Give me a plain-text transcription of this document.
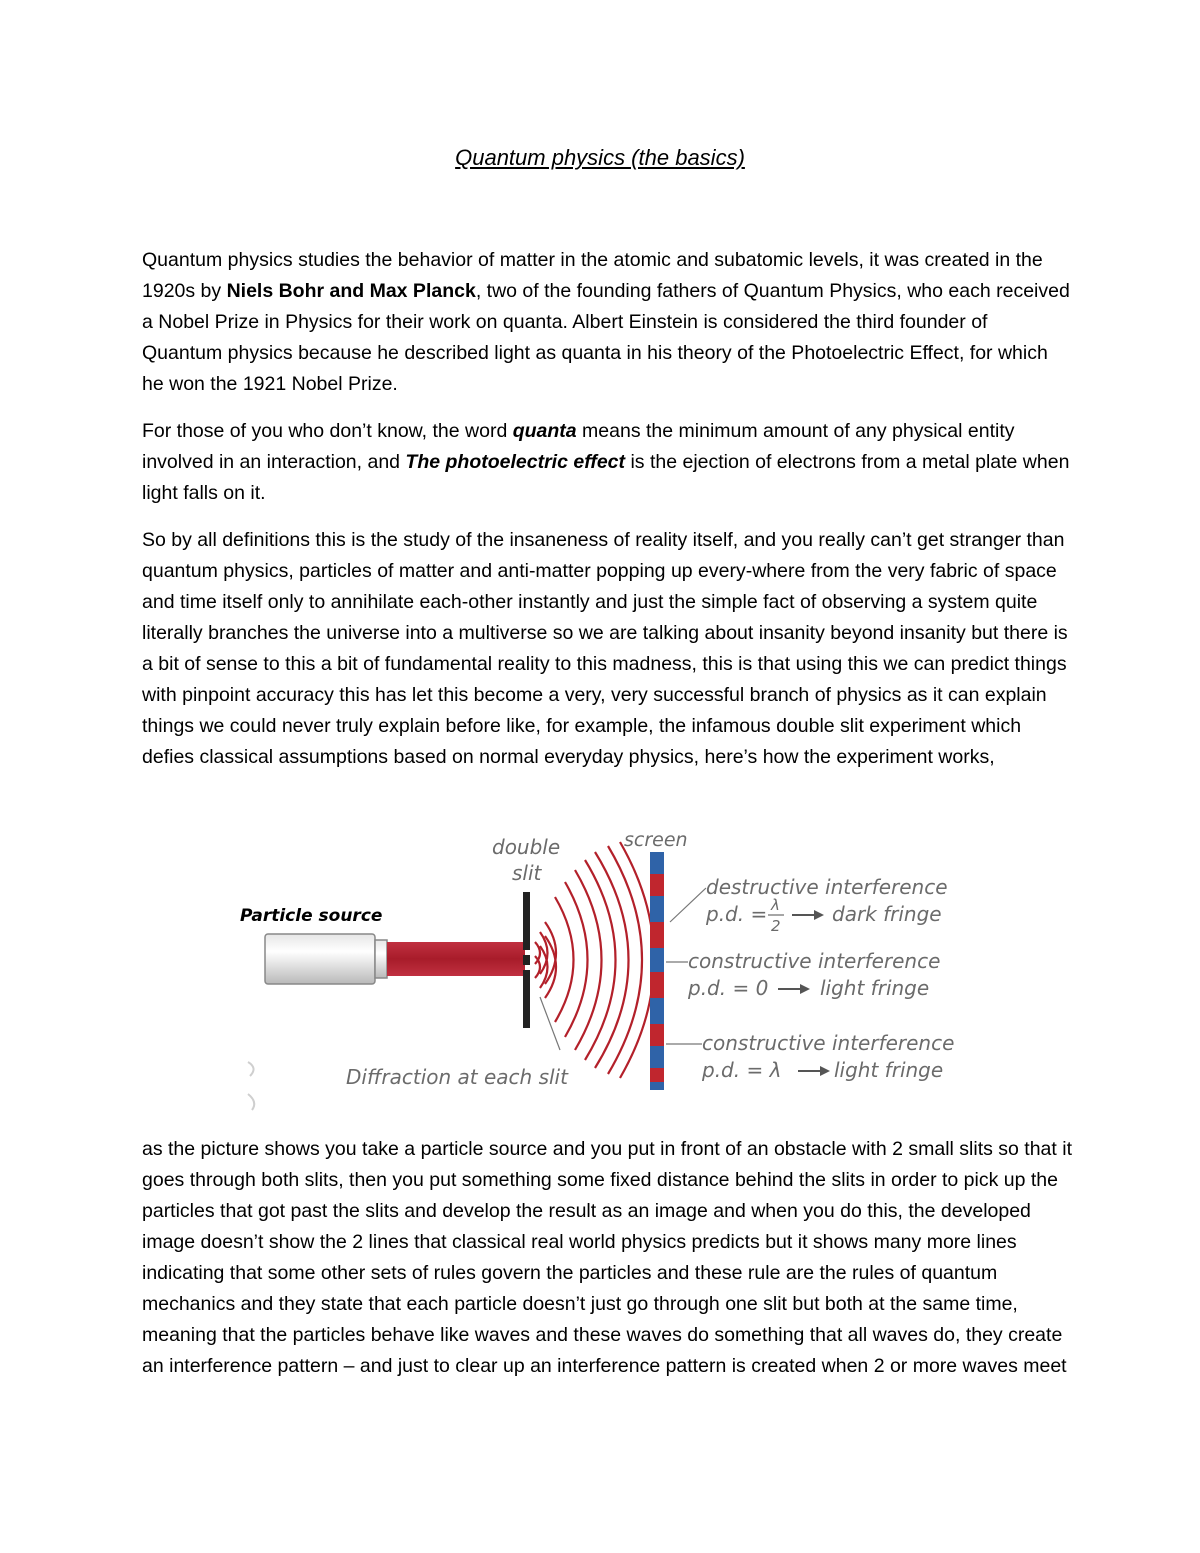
Quantum physics (the basics)
Quantum physics studies the behavior of matter in the atomic and subatomic levels, it was created in the 1920s by Niels Bohr and Max Planck, two of the founding fathers of Quantum Physics, who each received a Nobel Prize in Physics for their work on quanta. Albert Einstein is considered the third founder of Quantum physics because he described light as quanta in his theory of the Photoelectric Effect, for which he won the 1921 Nobel Prize.
For those of you who don’t know, the word quanta means the minimum amount of any physical entity involved in an interaction, and The photoelectric effect is the ejection of electrons from a metal plate when light falls on it.
So by all definitions this is the study of the insaneness of reality itself, and you really can’t get stranger than quantum physics, particles of matter and anti-matter popping up every-where from the very fabric of space and time itself only to annihilate each-other instantly and just the simple fact of observing a system quite literally branches the universe into a multiverse so we are talking about insanity beyond insanity but there is a bit of sense to this a bit of fundamental reality to this madness, this is that using this we can predict things with pinpoint accuracy this has let this become a very, very successful branch of physics as it can explain things we could never truly explain before like, for example, the infamous double slit experiment which defies classical assumptions based on normal everyday physics, here’s how the experiment works,
Particle source
double
slit
screen
destructive interference
p.d. = λ
2	dark fringe
constructive interference
p.d. = 0	light fringe
constructive interference
p.d. = λ	light fringe
Diffraction at each slit
as the picture shows you take a particle source and you put in front of an obstacle with 2 small slits so that it goes through both slits, then you put something some fixed distance behind the slits in order to pick up the particles that got past the slits and develop the result as an image and when you do this, the developed image doesn’t show the 2 lines that classical real world physics predicts but it shows many more lines indicating that some other sets of rules govern the particles and these rule are the rules of quantum mechanics and they state that each particle doesn’t just go through one slit but both at the same time, meaning that the particles behave like waves and these waves do something that all waves do, they create an interference pattern – and just to clear up an interference pattern is created when 2 or more waves meet
